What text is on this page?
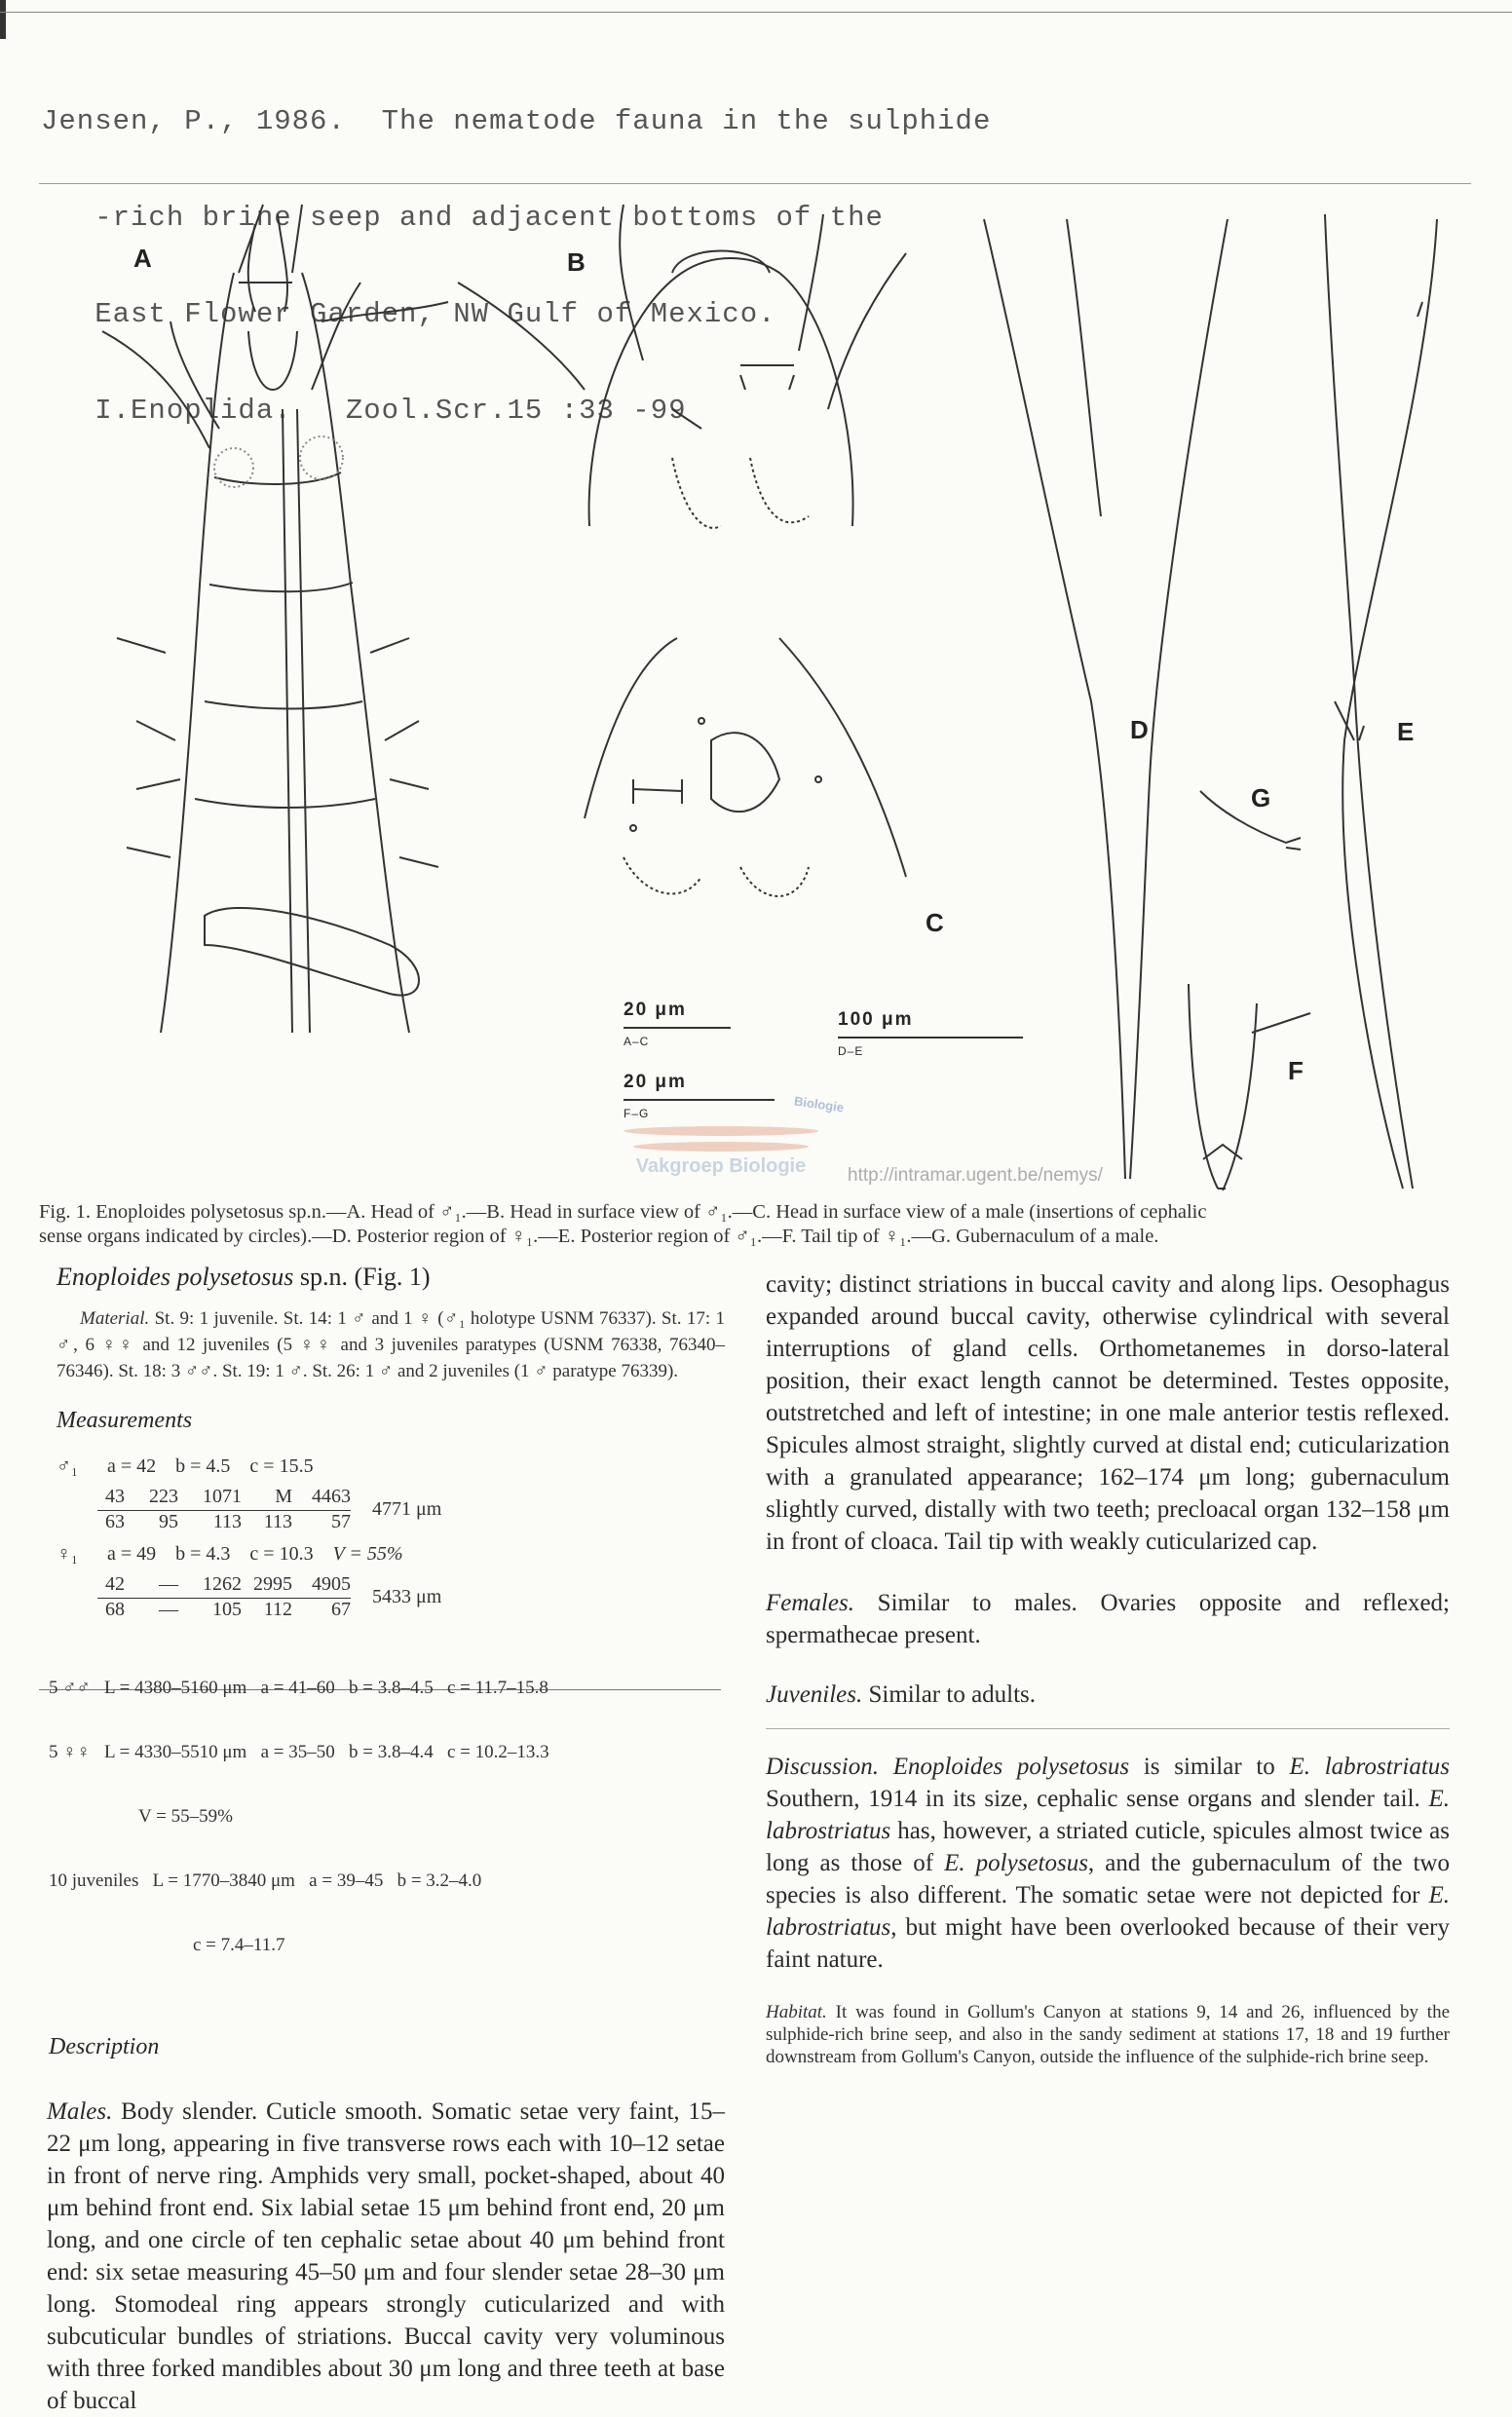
Jensen, P., 1986.  The nematode fauna in the sulphide

-rich brine seep and adjacent bottoms of the

East Flower Garden, NW Gulf of Mexico.

I.Enoplida.   Zool.Scr.15 :33 -99

A	B
C
D	E
G
F
20 μm
A–C
100 μm
D–E
20 μm
F–G
Vakgroep Biologie
Biologie
http://intramar.ugent.be/nemys/
Fig. 1. Enoploides polysetosus sp.n.—A. Head of ♂₁.—B. Head in surface view of ♂₁.—C. Head in surface view of a male (insertions of cephalic
sense organs indicated by circles).—D. Posterior region of ♀₁.—E. Posterior region of ♂₁.—F. Tail tip of ♀₁.—G. Gubernaculum of a male.
Enoploides polysetosus sp.n. (Fig. 1)
Material. St. 9: 1 juvenile. St. 14: 1 ♂ and 1 ♀ (♂₁ holotype USNM 76337). St. 17: 1 ♂, 6 ♀♀ and 12 juveniles (5 ♀♀ and 3 juveniles paratypes (USNM 76338, 76340–76346). St. 18: 3 ♂♂. St. 19: 1 ♂. St. 26: 1 ♂ and 2 juveniles (1 ♂ paratype 76339).
Measurements
♂₁ a = 42 b = 4.5 c = 15.5
43	223	1071	M	4463
63	95	113	113	57 4771 μm
♀₁ a = 49 b = 4.3 c = 10.3 V = 55%
42	—	1262 2995	4905
68	—	105	112	67 5433 μm

5 ♂♂   L = 4380–5160 μm   a = 41–60   b = 3.8–4.5   c = 11.7–15.8

5 ♀♀   L = 4330–5510 μm   a = 35–50   b = 3.8–4.4   c = 10.2–13.3

V = 55–59%

10 juveniles   L = 1770–3840 μm   a = 39–45   b = 3.2–4.0

c = 7.4–11.7

Description
Males. Body slender. Cuticle smooth. Somatic setae very faint, 15–22 μm long, appearing in five transverse rows each with 10–12 setae in front of nerve ring. Amphids very small, pocket-shaped, about 40 μm behind front end. Six labial setae 15 μm behind front end, 20 μm long, and one circle of ten cephalic setae about 40 μm behind front end: six setae measuring 45–50 μm and four slender setae 28–30 μm long. Stomodeal ring appears strongly cuticularized and with subcuticular bundles of striations. Buccal cavity very voluminous with three forked mandibles about 30 μm long and three teeth at base of buccal
cavity; distinct striations in buccal cavity and along lips. Oesophagus expanded around buccal cavity, otherwise cylindrical with several interruptions of gland cells. Orthometanemes in dorso-lateral position, their exact length cannot be determined. Testes opposite, outstretched and left of intestine; in one male anterior testis reflexed. Spicules almost straight, slightly curved at distal end; cuticularization with a granulated appearance; 162–174 μm long; gubernaculum slightly curved, distally with two teeth; precloacal organ 132–158 μm in front of cloaca. Tail tip with weakly cuticularized cap.
Females. Similar to males. Ovaries opposite and reflexed; spermathecae present.
Juveniles. Similar to adults.
Discussion. Enoploides polysetosus is similar to E. labrostriatus Southern, 1914 in its size, cephalic sense organs and slender tail. E. labrostriatus has, however, a striated cuticle, spicules almost twice as long as those of E. polysetosus, and the gubernaculum of the two species is also different. The somatic setae were not depicted for E. labrostriatus, but might have been overlooked because of their very faint nature.
Habitat. It was found in Gollum's Canyon at stations 9, 14 and 26, influenced by the sulphide-rich brine seep, and also in the sandy sediment at stations 17, 18 and 19 further downstream from Gollum's Canyon, outside the influence of the sulphide-rich brine seep.
